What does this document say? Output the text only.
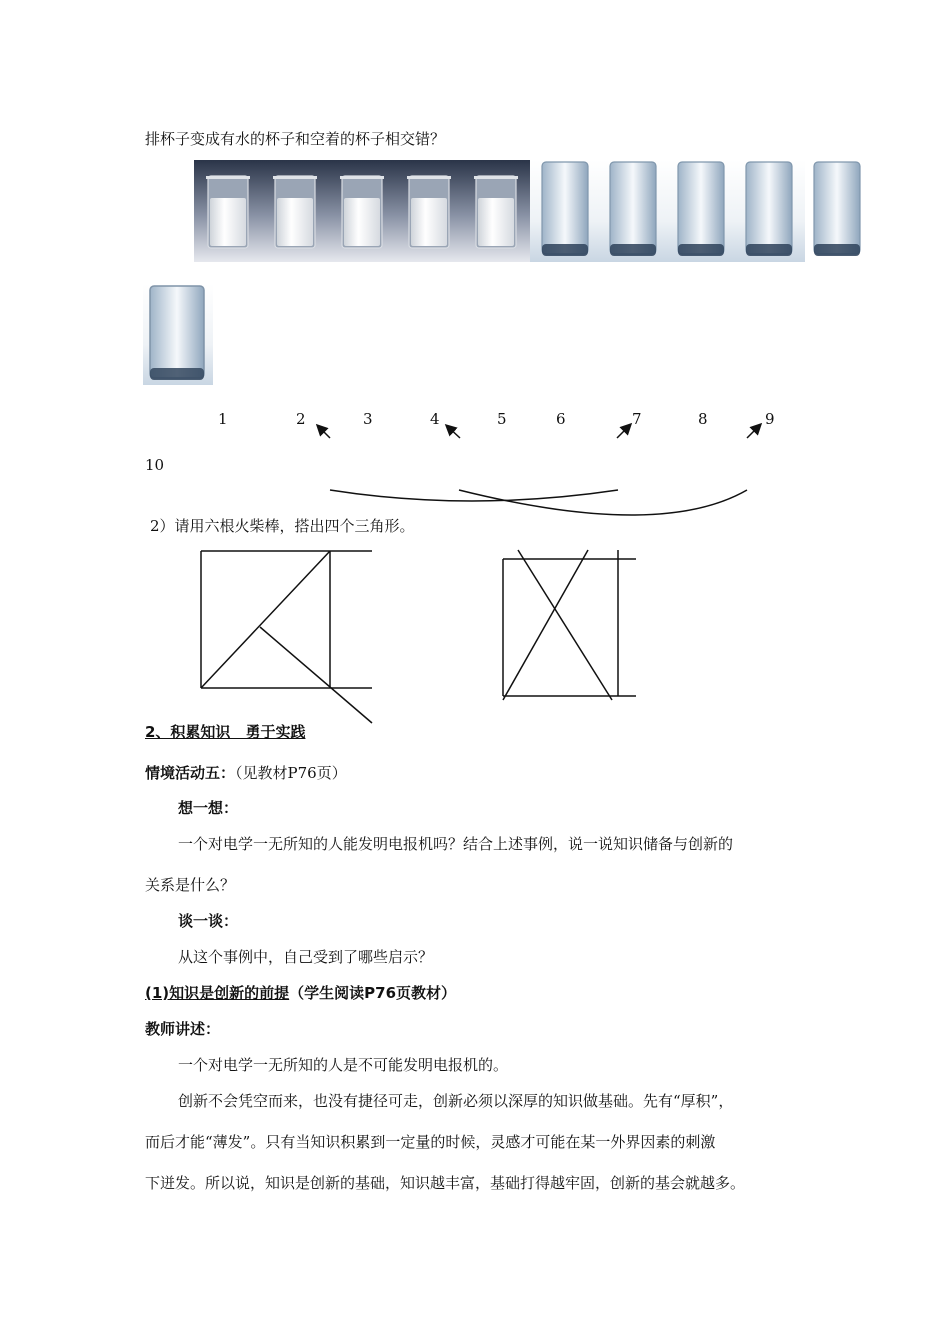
排杯子变成有水的杯子和空着的杯子相交错？
1	2	3	4	5	6	7	8	9
10
2）请用六根火柴棒，搭出四个三角形。
2、积累知识　勇于实践
情境活动五：（见教材P76页）
想一想：
一个对电学一无所知的人能发明电报机吗？结合上述事例，说一说知识储备与创新的
关系是什么？
谈一谈：
从这个事例中，自己受到了哪些启示？
(1)知识是创新的前提（学生阅读P76页教材）
教师讲述：
一个对电学一无所知的人是不可能发明电报机的。
创新不会凭空而来，也没有捷径可走，创新必须以深厚的知识做基础。先有“厚积”，
而后才能“薄发”。只有当知识积累到一定量的时候，灵感才可能在某一外界因素的刺激
下迸发。所以说，知识是创新的基础，知识越丰富，基础打得越牢固，创新的基会就越多。
